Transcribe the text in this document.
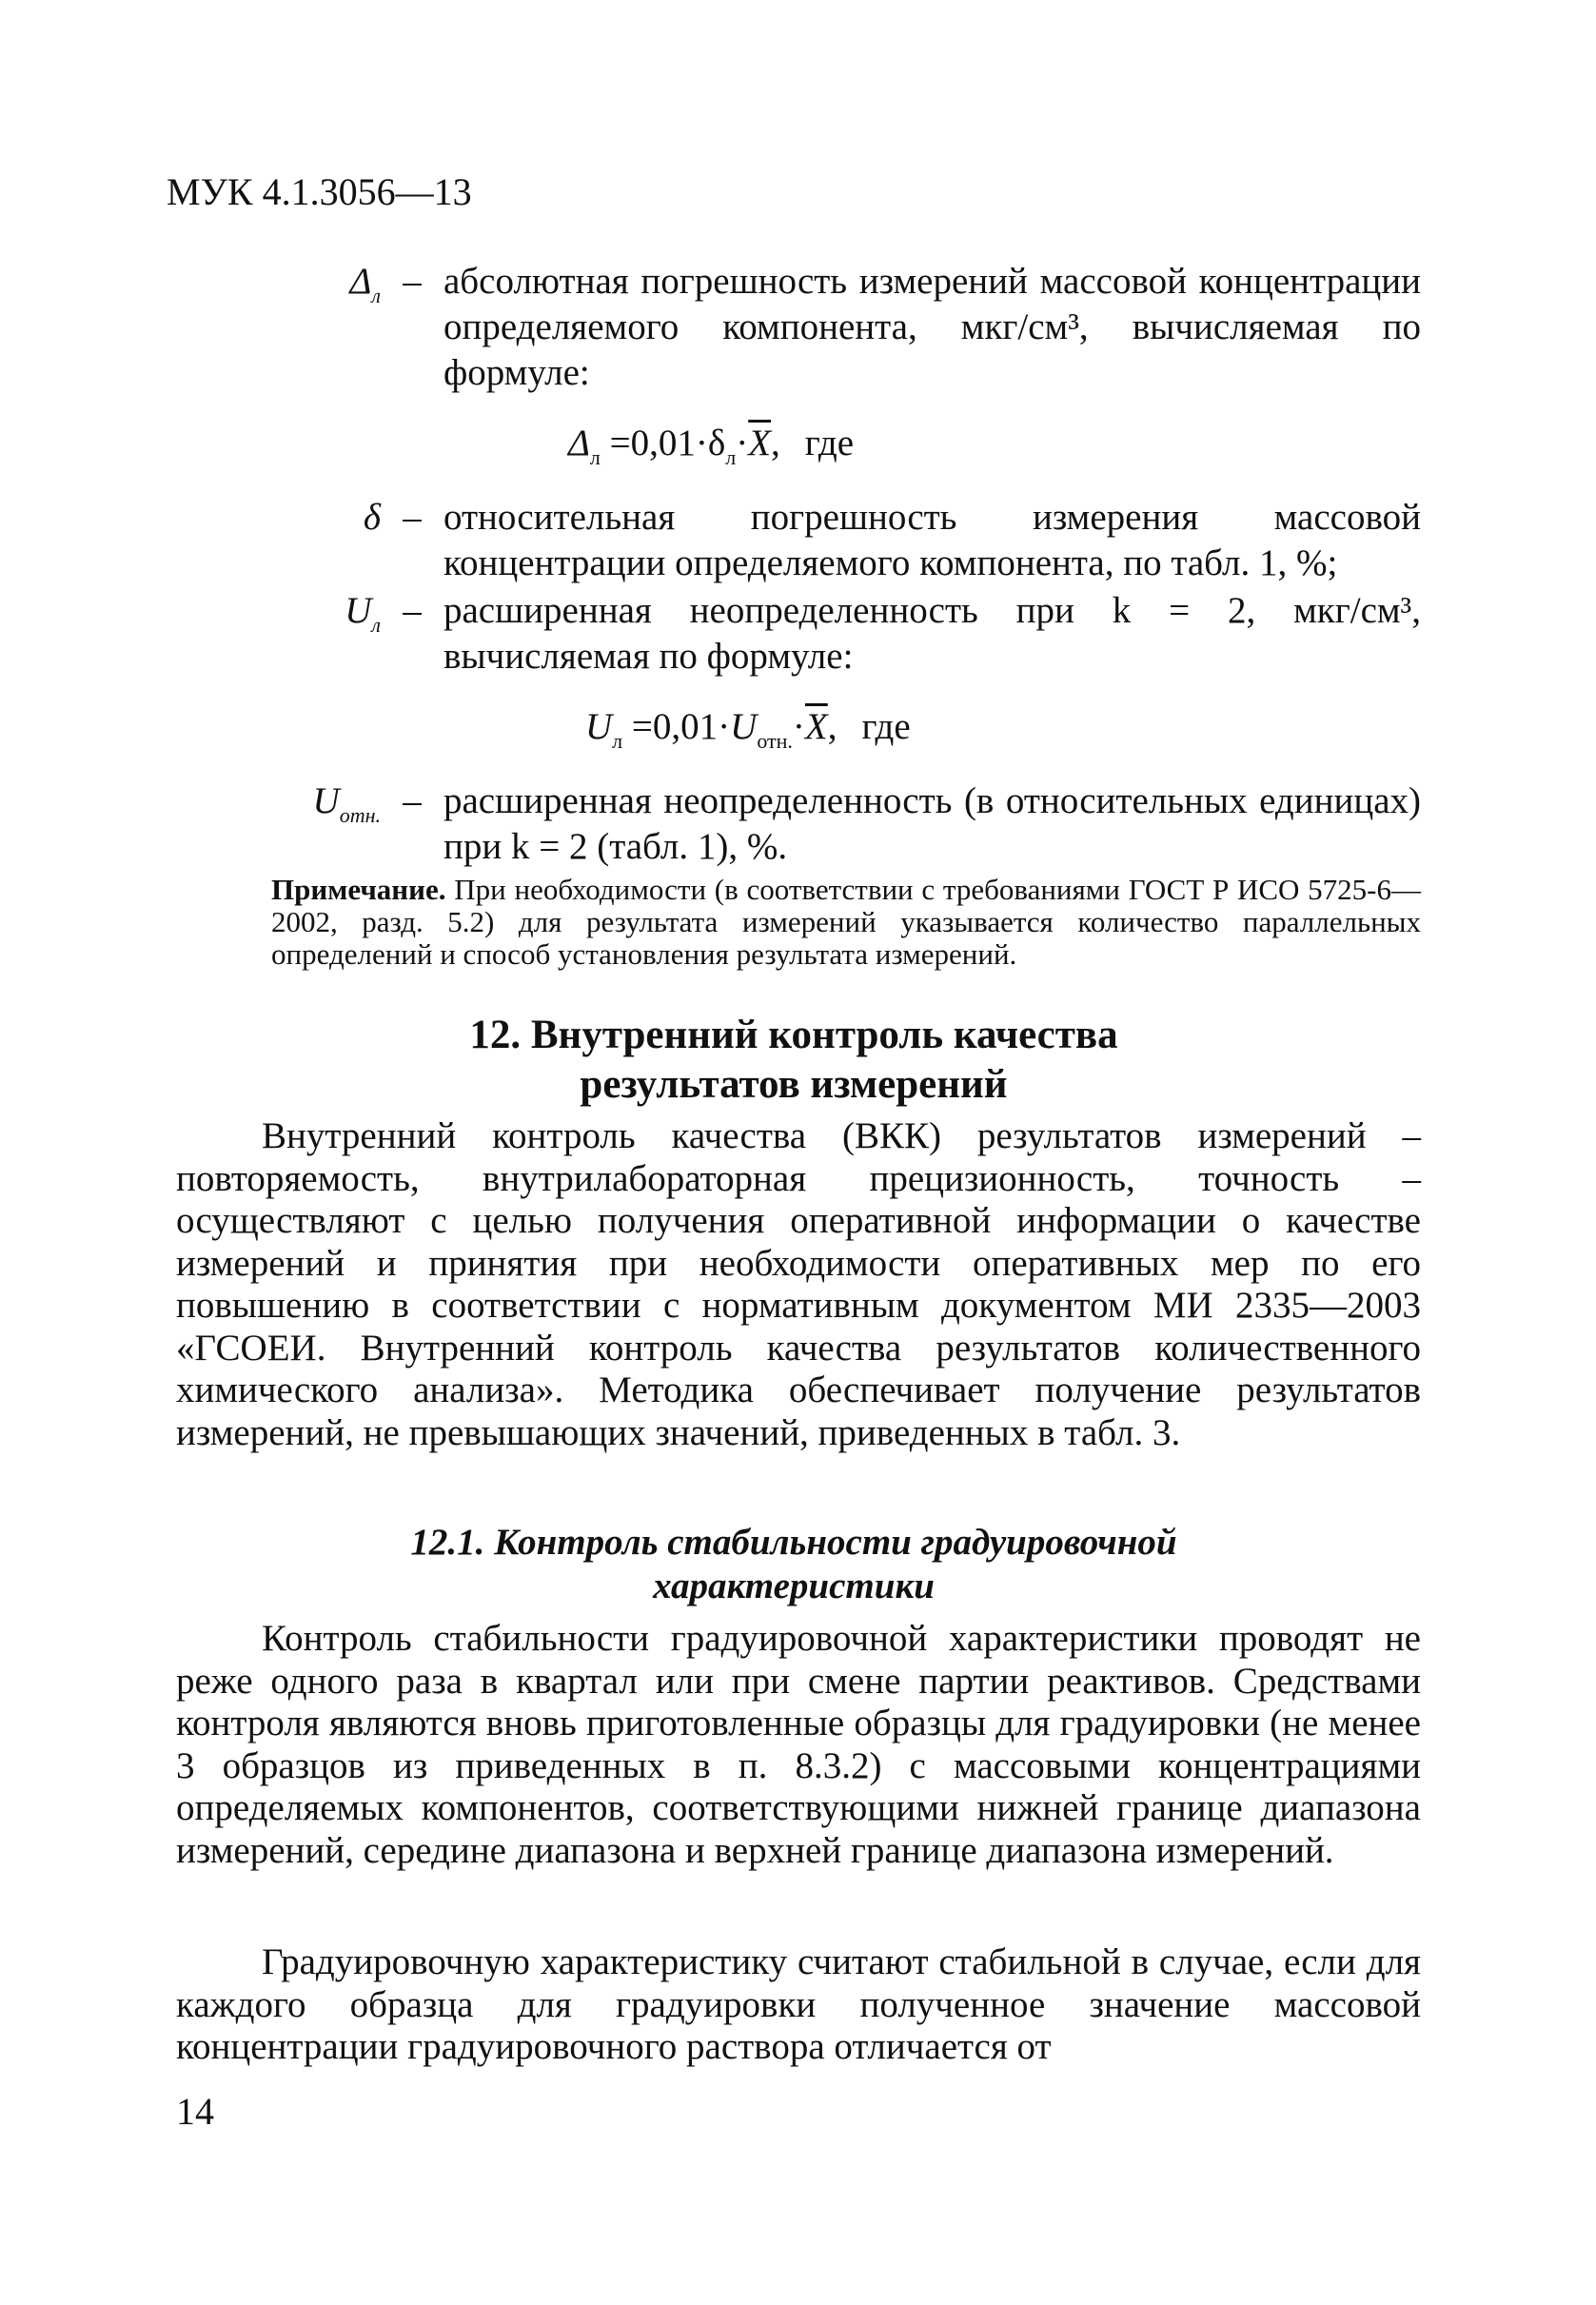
МУК 4.1.3056—13
$\Delta_л$ – абсолютная погрешность измерений массовой концентрации определяемого компонента, мкг/см³, вычисляемая по формуле:
$\Delta_л =0,01\cdot\delta_л\cdot\overline{X}$, где
δ – относительная погрешность измерения массовой концентрации определяемого компонента, по табл. 1, %;
$U_л$ – расширенная неопределенность при k = 2, мкг/см³, вычисляемая по формуле:
$U_л =0,01\cdot U_{отн.}\cdot\overline{X}$, где
$U_{отн.}$ – расширенная неопределенность (в относительных единицах) при k = 2 (табл. 1), %.
Примечание. При необходимости (в соответствии с требованиями ГОСТ Р ИСО 5725-6—2002, разд. 5.2) для результата измерений указывается количество параллельных определений и способ установления результата измерений.
12. Внутренний контроль качества
результатов измерений
Внутренний контроль качества (ВКК) результатов измерений – повторяемость, внутрилабораторная прецизионность, точность – осуществляют с целью получения оперативной информации о качестве измерений и принятия при необходимости оперативных мер по его повышению в соответствии с нормативным документом МИ 2335—2003 «ГСОЕИ. Внутренний контроль качества результатов количественного химического анализа». Методика обеспечивает получение результатов измерений, не превышающих значений, приведенных в табл. 3.
12.1. Контроль стабильности градуировочной
характеристики
Контроль стабильности градуировочной характеристики проводят не реже одного раза в квартал или при смене партии реактивов. Средствами контроля являются вновь приготовленные образцы для градуировки (не менее 3 образцов из приведенных в п. 8.3.2) с массовыми концентрациями определяемых компонентов, соответствующими нижней границе диапазона измерений, середине диапазона и верхней границе диапазона измерений.
Градуировочную характеристику считают стабильной в случае, если для каждого образца для градуировки полученное значение массовой концентрации градуировочного раствора отличается от
14
